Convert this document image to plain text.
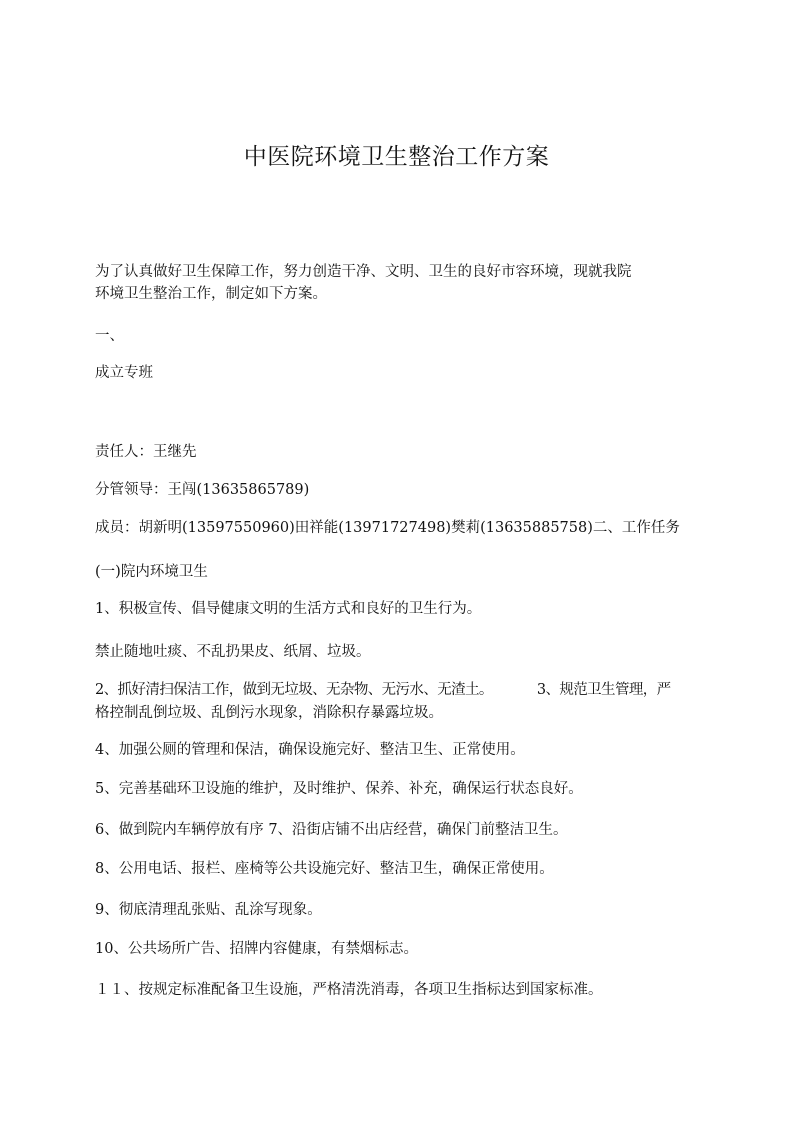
中医院环境卫生整治工作方案
为了认真做好卫生保障工作，努力创造干净、文明、卫生的良好市容环境，现就我院
环境卫生整治工作，制定如下方案。
一、
成立专班
责任人：王继先
分管领导：王闯(13635865789)
成员：胡新明(13597550960)田祥能(13971727498)樊莉(13635885758)二、工作任务
(一)院内环境卫生
1、积极宣传、倡导健康文明的生活方式和良好的卫生行为。
禁止随地吐痰、不乱扔果皮、纸屑、垃圾。
2、抓好清扫保洁工作，做到无垃圾、无杂物、无污水、无渣土。	3、规范卫生管理，严
格控制乱倒垃圾、乱倒污水现象，消除积存暴露垃圾。
4、加强公厕的管理和保洁，确保设施完好、整洁卫生、正常使用。
5、完善基础环卫设施的维护，及时维护、保养、补充，确保运行状态良好。
6、做到院内车辆停放有序 7、沿街店铺不出店经营，确保门前整洁卫生。
8、公用电话、报栏、座椅等公共设施完好、整洁卫生，确保正常使用。
9、彻底清理乱张贴、乱涂写现象。
10、公共场所广告、招牌内容健康，有禁烟标志。
１１、按规定标准配备卫生设施，严格清洗消毒，各项卫生指标达到国家标准。
